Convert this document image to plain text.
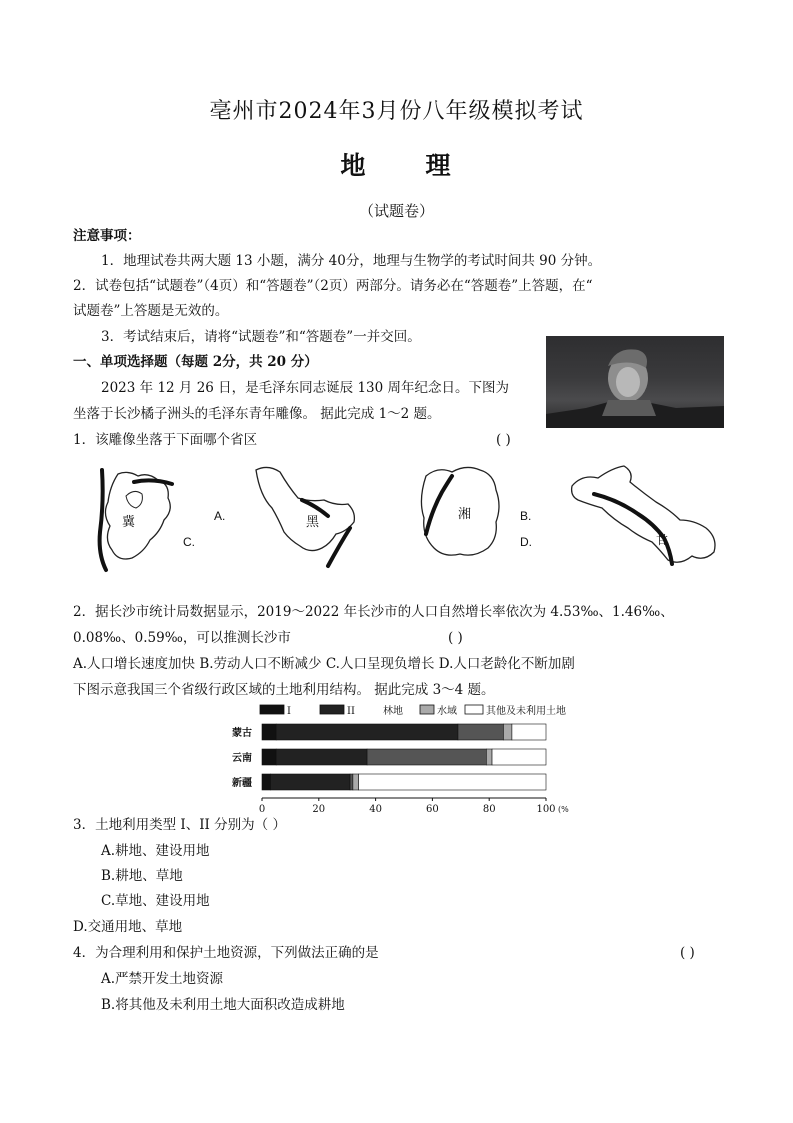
亳州市2024年3月份八年级模拟考试
地 理
（试题卷）
注意事项：
1．地理试卷共两大题 13 小题，满分 40分，地理与生物学的考试时间共 90 分钟。
2．试卷包括“试题卷”（4页）和“答题卷”（2页）两部分。请务必在“答题卷”上答题，在“
试题卷”上答题是无效的。
3．考试结束后，请将“试题卷”和“答题卷”一并交回。
一、单项选择题（每题 2分，共 20 分）
2023 年 12 月 26 日，是毛泽东同志诞辰 130 周年纪念日。下图为
坐落于长沙橘子洲头的毛泽东青年雕像。 据此完成 1～2 题。
1．该雕像坐落于下面哪个省区	( )
冀	黑
湘
甘
A.
C.
B.
D.
2．据长沙市统计局数据显示，2019～2022 年长沙市的人口自然增长率依次为 4.53‰、1.46‰、
0.08‰、0.59‰，可以推测长沙市	( )
A.人口增长速度加快 B.劳动人口不断减少 C.人口呈现负增长 D.人口老龄化不断加剧
下图示意我国三个省级行政区域的土地利用结构。 据此完成 3～4 题。
I	II	林地	水域	其他及未利用土地
蒙古
云南
新疆
0	20	40	60	80	100 (%
3．土地利用类型 I、II 分别为（ ）
A.耕地、建设用地
B.耕地、草地
C.草地、建设用地
D.交通用地、草地
4．为合理利用和保护土地资源，下列做法正确的是	( )
A.严禁开发土地资源
B.将其他及未利用土地大面积改造成耕地
